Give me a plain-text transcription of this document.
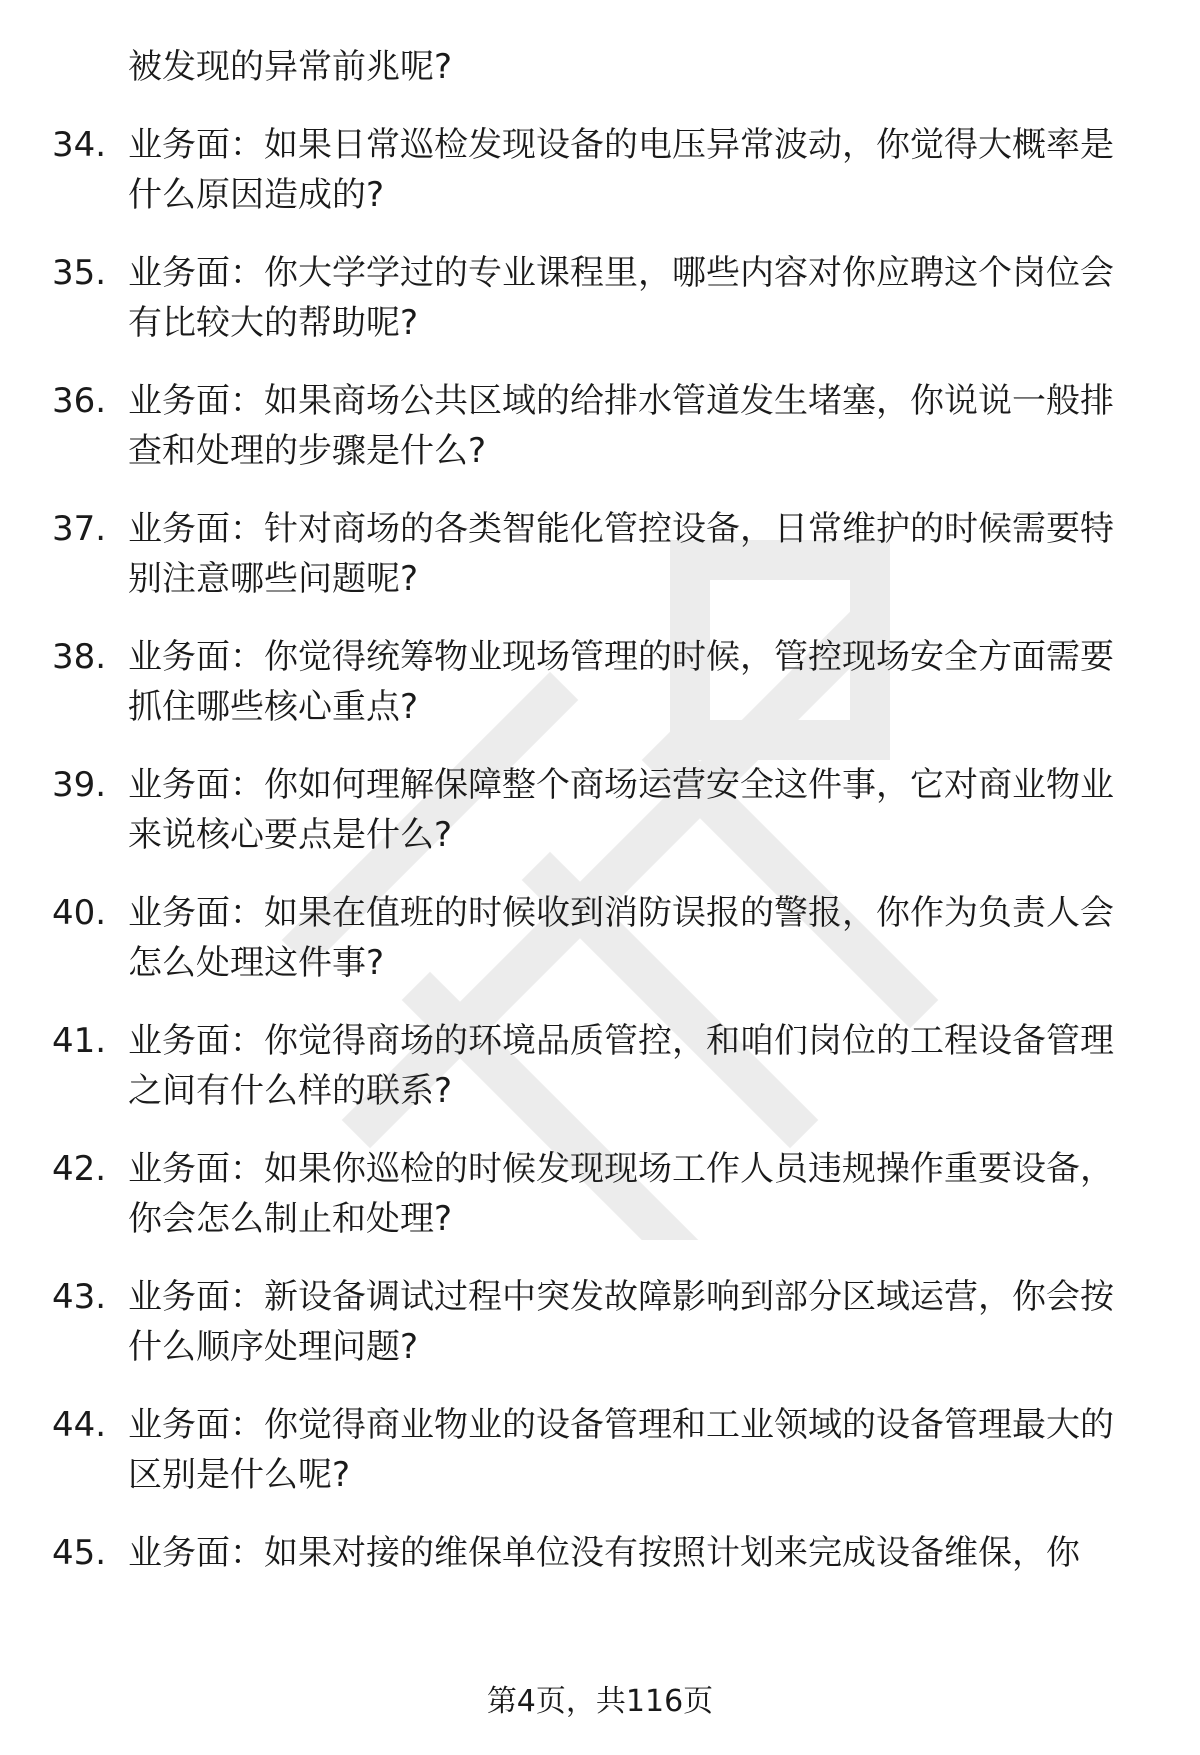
被发现的异常前兆呢?
34. 业务面：如果日常巡检发现设备的电压异常波动，你觉得大概率是什么原因造成的?
35. 业务面：你大学学过的专业课程里，哪些内容对你应聘这个岗位会有比较大的帮助呢?
36. 业务面：如果商场公共区域的给排水管道发生堵塞，你说说一般排查和处理的步骤是什么?
37. 业务面：针对商场的各类智能化管控设备，日常维护的时候需要特别注意哪些问题呢?
38. 业务面：你觉得统筹物业现场管理的时候，管控现场安全方面需要抓住哪些核心重点?
39. 业务面：你如何理解保障整个商场运营安全这件事，它对商业物业来说核心要点是什么?
40. 业务面：如果在值班的时候收到消防误报的警报，你作为负责人会怎么处理这件事?
41. 业务面：你觉得商场的环境品质管控，和咱们岗位的工程设备管理之间有什么样的联系?
42. 业务面：如果你巡检的时候发现现场工作人员违规操作重要设备，你会怎么制止和处理?
43. 业务面：新设备调试过程中突发故障影响到部分区域运营，你会按什么顺序处理问题?
44. 业务面：你觉得商业物业的设备管理和工业领域的设备管理最大的区别是什么呢?
45. 业务面：如果对接的维保单位没有按照计划来完成设备维保，你
第4页，共116页
